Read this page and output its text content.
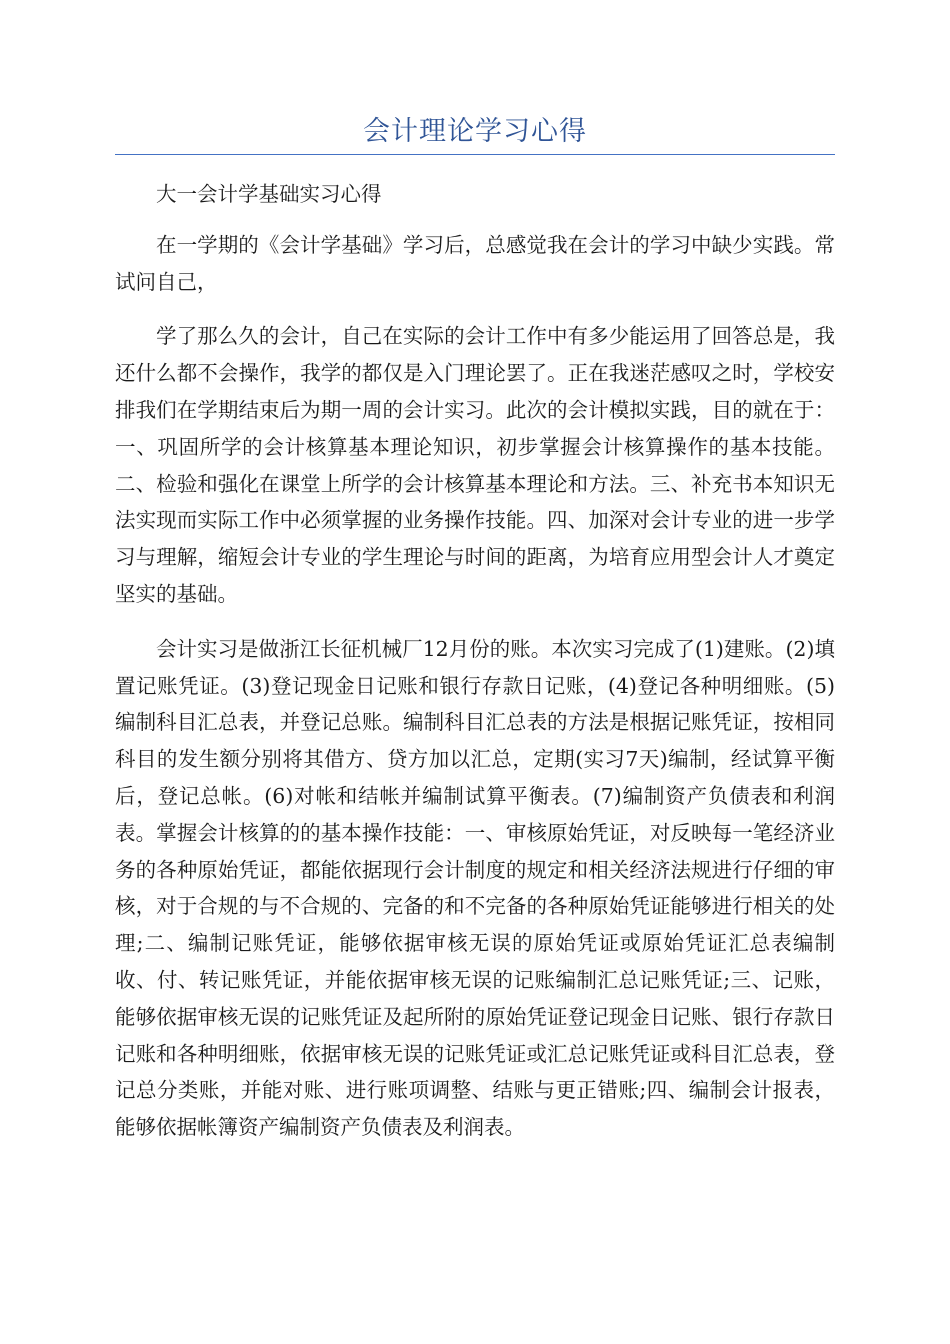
会计理论学习心得

大一会计学基础实习心得

在一学期的《会计学基础》学习后，总感觉我在会计的学习中缺少实践。常试问自己，

学了那么久的会计，自己在实际的会计工作中有多少能运用了回答总是，我还什么都不会操作，我学的都仅是入门理论罢了。正在我迷茫感叹之时，学校安排我们在学期结束后为期一周的会计实习。此次的会计模拟实践，目的就在于：一、巩固所学的会计核算基本理论知识，初步掌握会计核算操作的基本技能。二、检验和强化在课堂上所学的会计核算基本理论和方法。三、补充书本知识无法实现而实际工作中必须掌握的业务操作技能。四、加深对会计专业的进一步学习与理解，缩短会计专业的学生理论与时间的距离，为培育应用型会计人才奠定坚实的基础。

会计实习是做浙江长征机械厂12月份的账。本次实习完成了(1)建账。(2)填置记账凭证。(3)登记现金日记账和银行存款日记账，(4)登记各种明细账。(5)编制科目汇总表，并登记总账。编制科目汇总表的方法是根据记账凭证，按相同科目的发生额分别将其借方、贷方加以汇总，定期(实习7天)编制，经试算平衡后，登记总帐。(6)对帐和结帐并编制试算平衡表。(7)编制资产负债表和利润表。掌握会计核算的的基本操作技能：一、审核原始凭证，对反映每一笔经济业务的各种原始凭证，都能依据现行会计制度的规定和相关经济法规进行仔细的审核，对于合规的与不合规的、完备的和不完备的各种原始凭证能够进行相关的处理;二、编制记账凭证，能够依据审核无误的原始凭证或原始凭证汇总表编制收、付、转记账凭证，并能依据审核无误的记账编制汇总记账凭证;三、记账，能够依据审核无误的记账凭证及起所附的原始凭证登记现金日记账、银行存款日记账和各种明细账，依据审核无误的记账凭证或汇总记账凭证或科目汇总表，登记总分类账，并能对账、进行账项调整、结账与更正错账;四、编制会计报表，能够依据帐簿资产编制资产负债表及利润表。
